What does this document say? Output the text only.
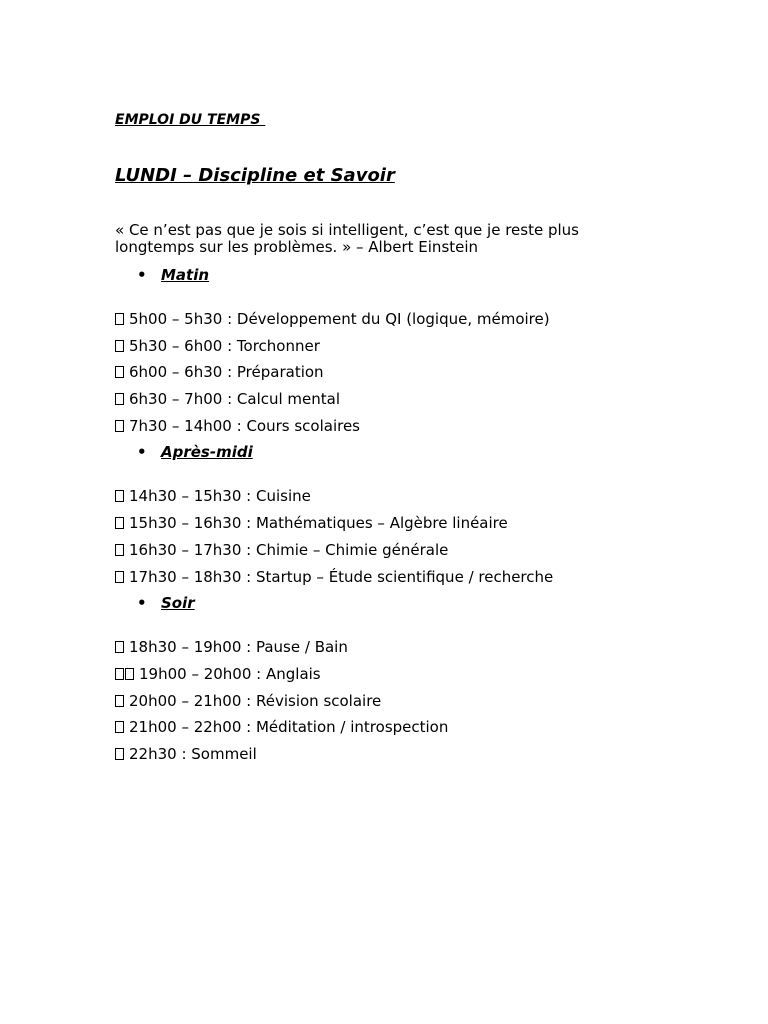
EMPLOI DU TEMPS
LUNDI – Discipline et Savoir
« Ce n’est pas que je sois si intelligent, c’est que je reste plus longtemps sur les problèmes. » – Albert Einstein
• Matin
5h00 – 5h30 : Développement du QI (logique, mémoire)
5h30 – 6h00 : Torchonner
6h00 – 6h30 : Préparation
6h30 – 7h00 : Calcul mental
7h30 – 14h00 : Cours scolaires
• Après-midi
14h30 – 15h30 : Cuisine
15h30 – 16h30 : Mathématiques – Algèbre linéaire
16h30 – 17h30 : Chimie – Chimie générale
17h30 – 18h30 : Startup – Étude scientifique / recherche
• Soir
18h30 – 19h00 : Pause / Bain
19h00 – 20h00 : Anglais
20h00 – 21h00 : Révision scolaire
21h00 – 22h00 : Méditation / introspection
22h30 : Sommeil
